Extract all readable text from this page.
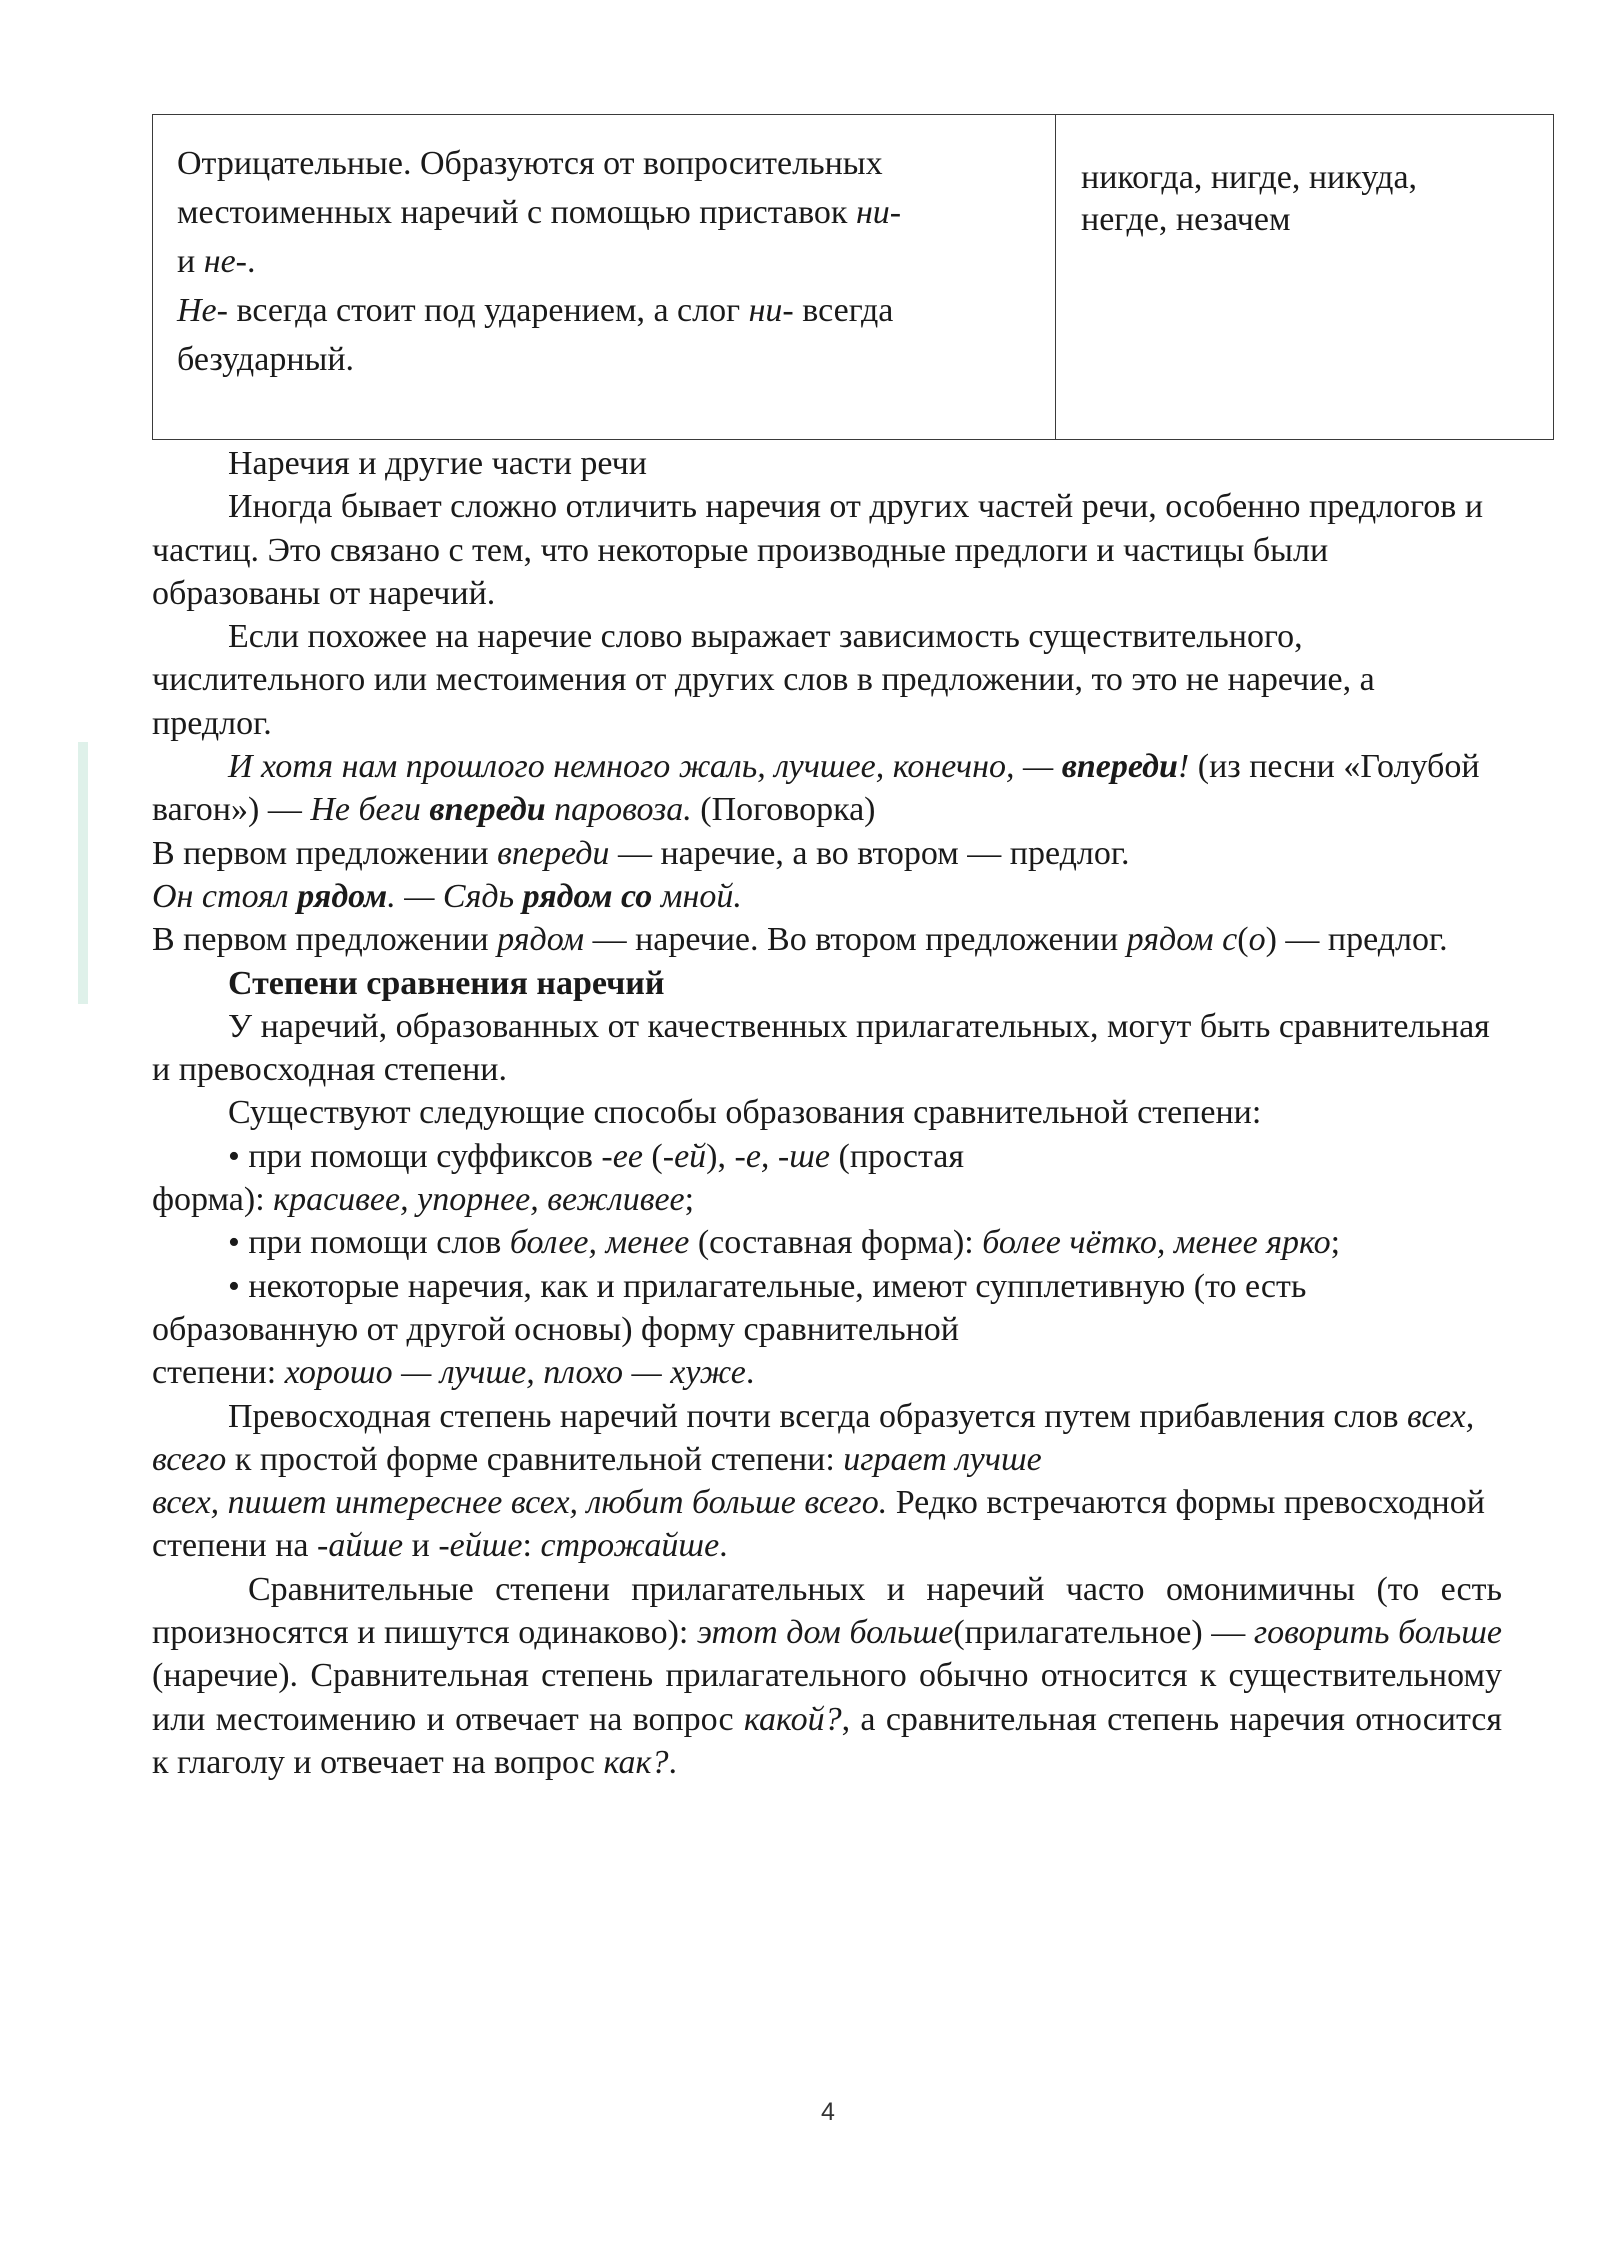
Отрицательные. Образуются от вопросительных
местоименных наречий с помощью приставок ни-
и не-.
Не- всегда стоит под ударением, а слог ни- всегда
безударный.
никогда, нигде, никуда,
негде, незачем

Наречия и другие части речи

Иногда бывает сложно отличить наречия от других частей речи, особенно предлогов и частиц. Это связано с тем, что некоторые производные предлоги и частицы были образованы от наречий.

Если похожее на наречие слово выражает зависимость существительного, числительного или местоимения от других слов в предложении, то это не наречие, а предлог.

И хотя нам прошлого немного жаль, лучшее, конечно, — впереди! (из песни «Голубой вагон») — Не беги впереди паровоза. (Поговорка)

В первом предложении впереди — наречие, а во втором — предлог.

Он стоял рядом. — Сядь рядом со мной.

В первом предложении рядом — наречие. Во втором предложении рядом с(о) — предлог.

Степени сравнения наречий

У наречий, образованных от качественных прилагательных, могут быть сравнительная и превосходная степени.

Существуют следующие способы образования сравнительной степени:

• при помощи суффиксов -ее (-ей), -е, -ше (простая

форма): красивее, упорнее, вежливее;

• при помощи слов более, менее (составная форма): более чётко, менее ярко;

• некоторые наречия, как и прилагательные, имеют супплетивную (то есть образованную от другой основы) форму сравнительной

степени: хорошо — лучше, плохо — хуже.

Превосходная степень наречий почти всегда образуется путем прибавления слов всех, всего к простой форме сравнительной степени: играет лучше
всех, пишет интереснее всех, любит больше всего. Редко встречаются формы превосходной степени на -айше и -ейше: строжайше.

Сравнительные степени прилагательных и наречий часто омонимичны (то есть произносятся и пишутся одинаково): этот дом больше(прилагательное) — говорить больше (наречие). Сравнительная степень прилагательного обычно относится к существительному или местоимению и отвечает на вопрос какой?, а сравнительная степень наречия относится к глаголу и отвечает на вопрос как?.

4
